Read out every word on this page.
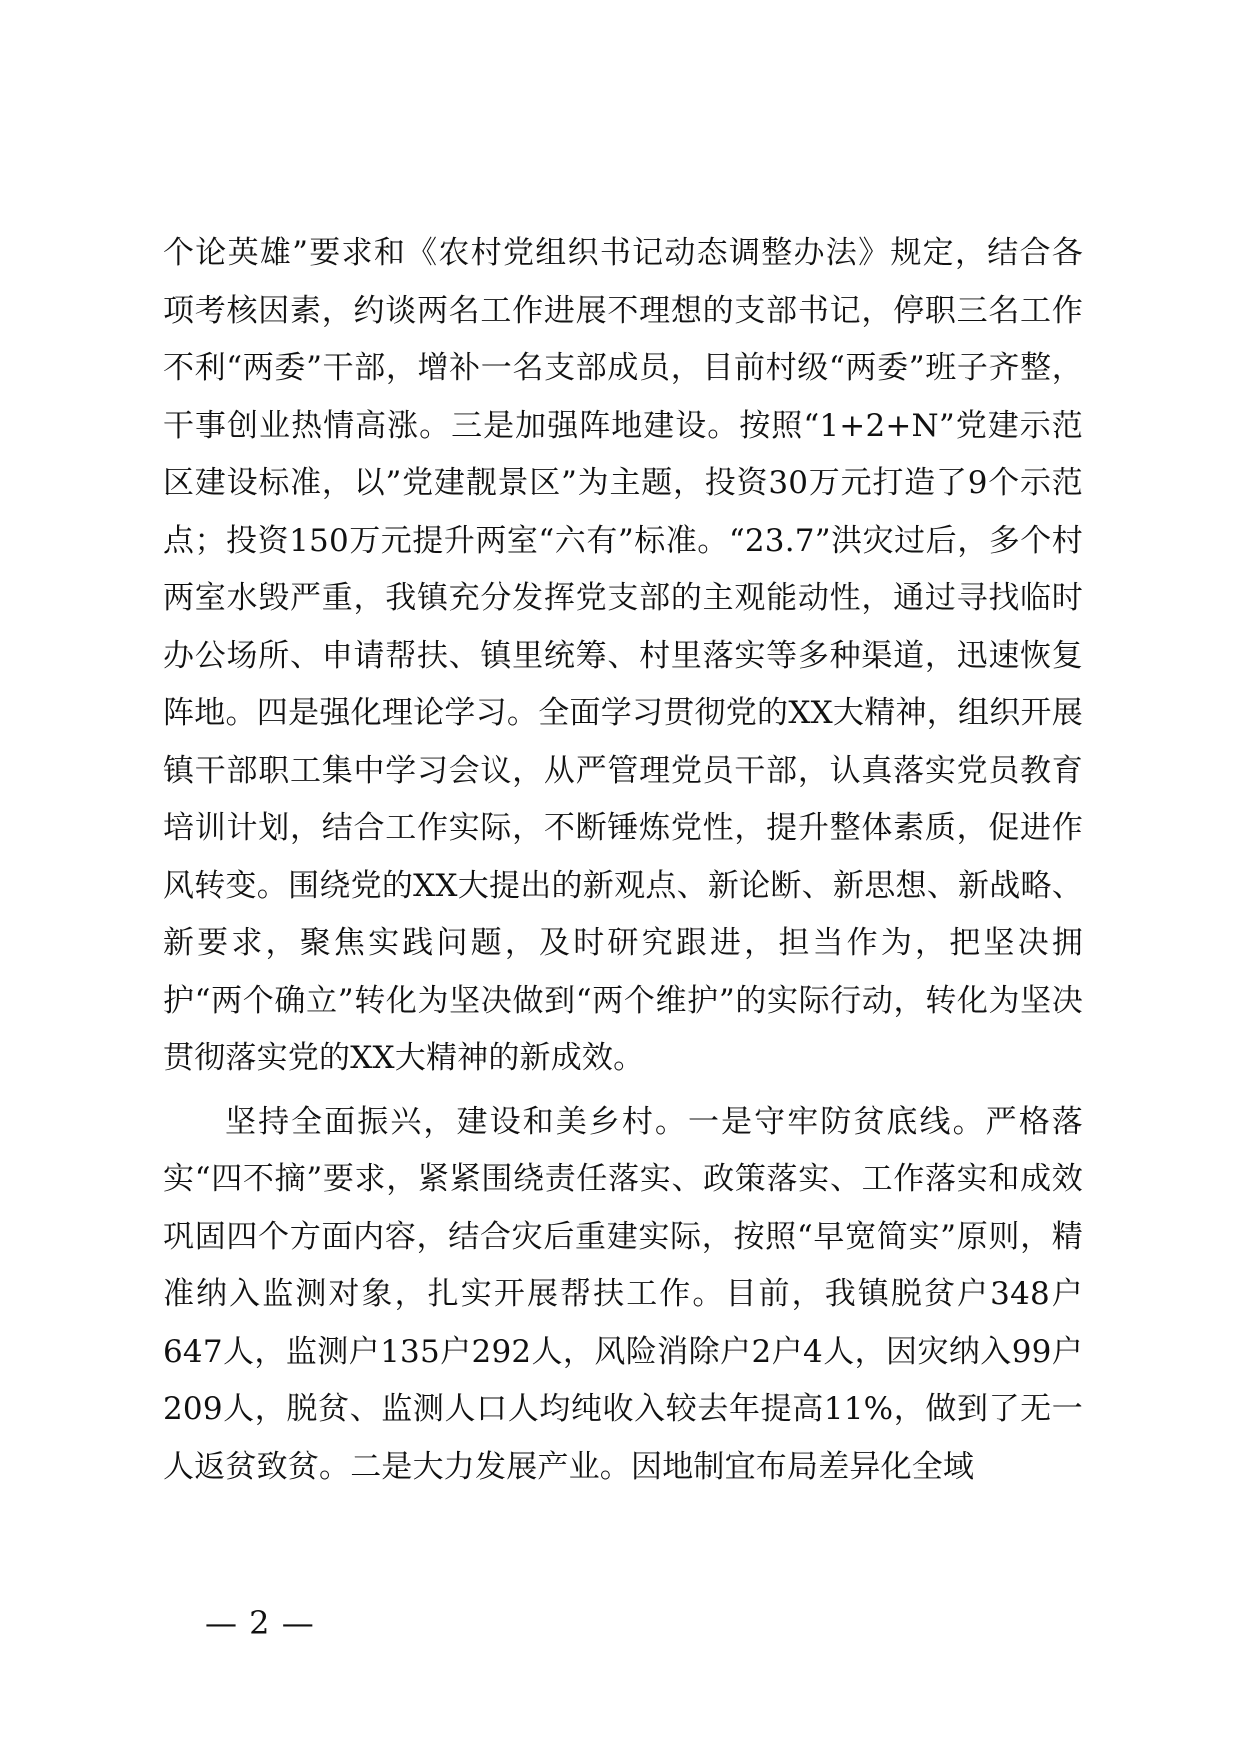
个论英雄”要求和《农村党组织书记动态调整办法》规定，结合各项考核因素，约谈两名工作进展不理想的支部书记，停职三名工作不利“两委”干部，增补一名支部成员，目前村级“两委”班子齐整，干事创业热情高涨。三是加强阵地建设。按照“1+2+N”党建示范区建设标准，以”党建靓景区”为主题，投资30万元打造了9个示范点；投资150万元提升两室“六有”标准。“23.7”洪灾过后，多个村两室水毁严重，我镇充分发挥党支部的主观能动性，通过寻找临时办公场所、申请帮扶、镇里统筹、村里落实等多种渠道，迅速恢复阵地。四是强化理论学习。全面学习贯彻党的XX大精神，组织开展镇干部职工集中学习会议，从严管理党员干部，认真落实党员教育培训计划，结合工作实际，不断锤炼党性，提升整体素质，促进作风转变。围绕党的XX大提出的新观点、新论断、新思想、新战略、新要求，聚焦实践问题，及时研究跟进，担当作为，把坚决拥护“两个确立”转化为坚决做到“两个维护”的实际行动，转化为坚决贯彻落实党的XX大精神的新成效。

坚持全面振兴，建设和美乡村。一是守牢防贫底线。严格落实“四不摘”要求，紧紧围绕责任落实、政策落实、工作落实和成效巩固四个方面内容，结合灾后重建实际，按照“早宽简实”原则，精准纳入监测对象，扎实开展帮扶工作。目前，我镇脱贫户348户647人，监测户135户292人，风险消除户2户4人，因灾纳入99户209人，脱贫、监测人口人均纯收入较去年提高11%，做到了无一人返贫致贫。二是大力发展产业。因地制宜布局差异化全域

— 2 —
